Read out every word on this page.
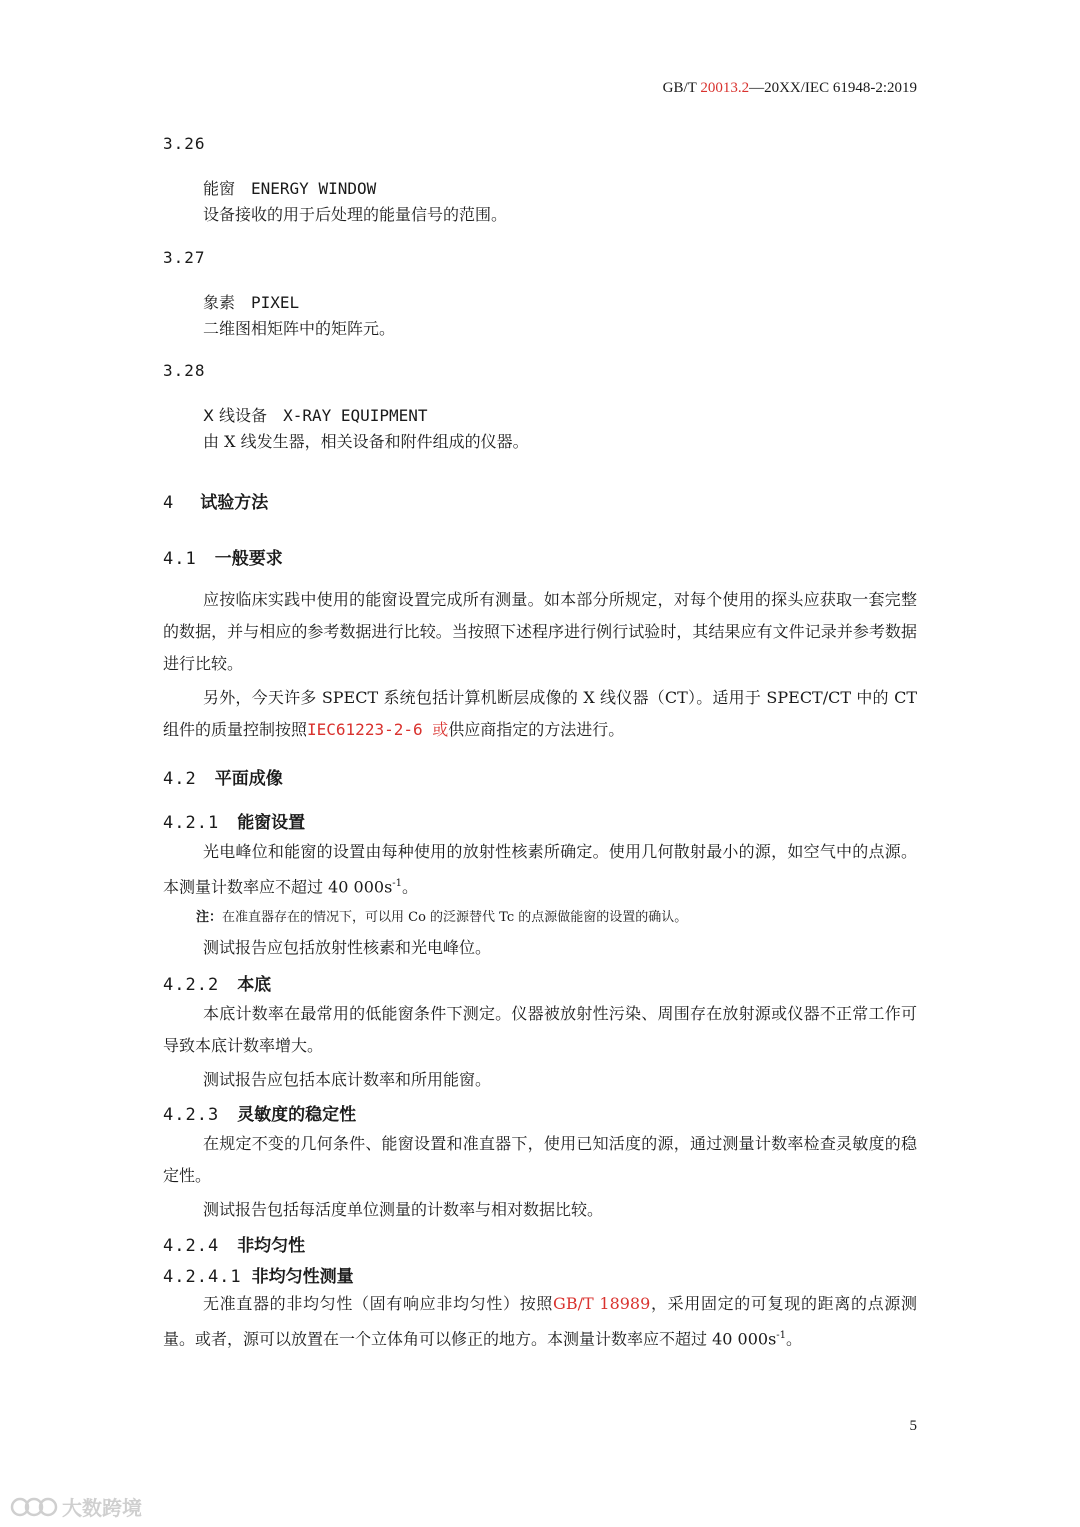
GB/T 20013.2—20XX/IEC 61948-2:2019
3.26
能窗 ENERGY WINDOW
设备接收的用于后处理的能量信号的范围。
3.27
象素 PIXEL
二维图相矩阵中的矩阵元。
3.28
X 线设备 X-RAY EQUIPMENT
由 X 线发生器，相关设备和附件组成的仪器。
4 试验方法
4.1 一般要求

应按临床实践中使用的能窗设置完成所有测量。如本部分所规定，对每个使用的探头应获取一套完整的数据，并与相应的参考数据进行比较。当按照下述程序进行例行试验时，其结果应有文件记录并参考数据进行比较。

另外，今天许多 SPECT 系统包括计算机断层成像的 X 线仪器（CT）。适用于 SPECT/CT 中的 CT 组件的质量控制按照IEC61223-2-6 或供应商指定的方法进行。

4.2 平面成像
4.2.1 能窗设置

光电峰位和能窗的设置由每种使用的放射性核素所确定。使用几何散射最小的源，如空气中的点源。本测量计数率应不超过 40 $000s^{-1}$。

注：在准直器存在的情况下，可以用 Co 的泛源替代 Tc 的点源做能窗的设置的确认。

测试报告应包括放射性核素和光电峰位。

4.2.2 本底

本底计数率在最常用的低能窗条件下测定。仪器被放射性污染、周围存在放射源或仪器不正常工作可导致本底计数率增大。

测试报告应包括本底计数率和所用能窗。

4.2.3 灵敏度的稳定性

在规定不变的几何条件、能窗设置和准直器下，使用已知活度的源，通过测量计数率检查灵敏度的稳定性。

测试报告包括每活度单位测量的计数率与相对数据比较。

4.2.4 非均匀性
4.2.4.1 非均匀性测量

无准直器的非均匀性（固有响应非均匀性）按照GB/T 18989，采用固定的可复现的距离的点源测量。或者，源可以放置在一个立体角可以修正的地方。本测量计数率应不超过 40 $000s^{-1}$。

5
大数跨境
